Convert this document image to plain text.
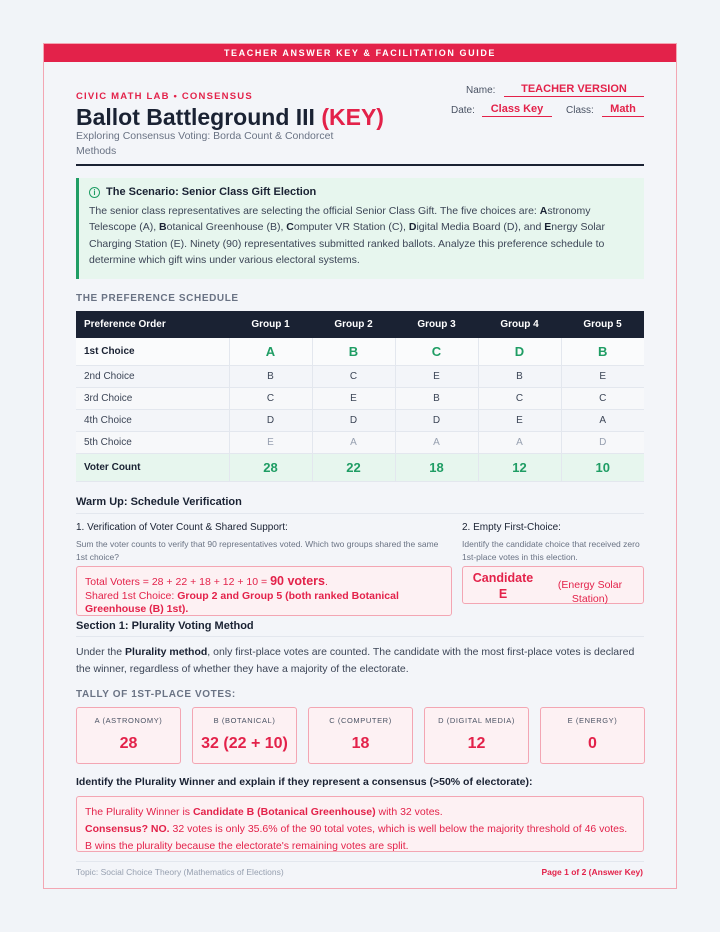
TEACHER ANSWER KEY & FACILITATION GUIDE
CIVIC MATH LAB • CONSENSUS
Ballot Battleground III (KEY)
Exploring Consensus Voting: Borda Count & Condorcet Methods
Name:	TEACHER VERSION
Date:	Class Key	Class:	Math
i The Scenario: Senior Class Gift Election
The senior class representatives are selecting the official Senior Class Gift. The five choices are: Astronomy Telescope (A), Botanical Greenhouse (B), Computer VR Station (C), Digital Media Board (D), and Energy Solar Charging Station (E). Ninety (90) representatives submitted ranked ballots. Analyze this preference schedule to determine which gift wins under various electoral systems.
THE PREFERENCE SCHEDULE
Preference Order	Group 1	Group 2	Group 3	Group 4	Group 5
1st Choice	A	B	C	D	B
2nd Choice	B	C	E	B	E
3rd Choice	C	E	B	C	C
4th Choice	D	D	D	E	A
5th Choice	E	A	A	A	D
Voter Count	28	22	18	12	10
Warm Up: Schedule Verification
1. Verification of Voter Count & Shared Support:
Sum the voter counts to verify that 90 representatives voted. Which two groups shared the same 1st choice?
Total Voters = 28 + 22 + 18 + 12 + 10 = 90 voters.
Shared 1st Choice: Group 2 and Group 5 (both ranked Botanical Greenhouse (B) 1st).
2. Empty First-Choice:
Identify the candidate choice that received zero 1st-place votes in this election.
Candidate E
(Energy Solar Station)
Section 1: Plurality Voting Method
Under the Plurality method, only first-place votes are counted. The candidate with the most first-place votes is declared the winner, regardless of whether they have a majority of the electorate.
TALLY OF 1ST-PLACE VOTES:
A (ASTRONOMY)
28
B (BOTANICAL)
32 (22 + 10)
C (COMPUTER)
18
D (DIGITAL MEDIA)
12
E (ENERGY)
0
Identify the Plurality Winner and explain if they represent a consensus (>50% of electorate):
The Plurality Winner is Candidate B (Botanical Greenhouse) with 32 votes.
Consensus? NO. 32 votes is only 35.6% of the 90 total votes, which is well below the majority threshold of 46 votes. B wins the plurality because the electorate's remaining votes are split.
Topic: Social Choice Theory (Mathematics of Elections)	Page 1 of 2 (Answer Key)
